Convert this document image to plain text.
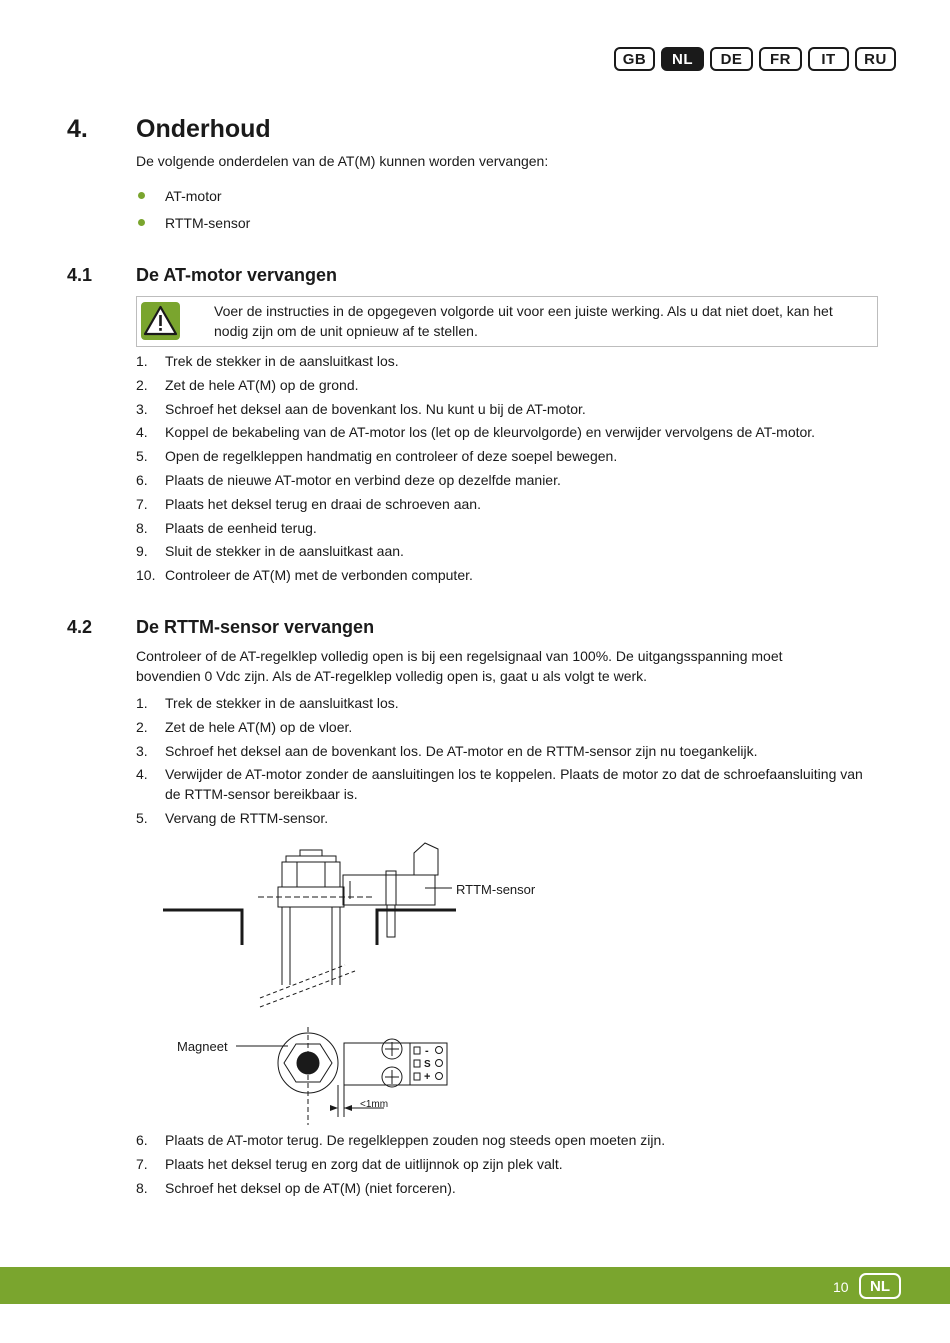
GB	NL	DE	FR	IT	RU
4. Onderhoud
De volgende onderdelen van de AT(M) kunnen worden vervangen:
AT-motor
RTTM-sensor
4.1 De AT-motor vervangen
Voer de instructies in de opgegeven volgorde uit voor een juiste werking. Als u dat niet doet, kan het nodig zijn om de unit opnieuw af te stellen.
1. Trek de stekker in de aansluitkast los.
2. Zet de hele AT(M) op de grond.
3. Schroef het deksel aan de bovenkant los. Nu kunt u bij de AT-motor.
4. Koppel de bekabeling van de AT-motor los (let op de kleurvolgorde) en verwijder vervolgens de AT-motor.
5. Open de regelkleppen handmatig en controleer of deze soepel bewegen.
6. Plaats de nieuwe AT-motor en verbind deze op dezelfde manier.
7. Plaats het deksel terug en draai de schroeven aan.
8. Plaats de eenheid terug.
9. Sluit de stekker in de aansluitkast aan.
10. Controleer de AT(M) met de verbonden computer.
4.2 De RTTM-sensor vervangen
Controleer of de AT-regelklep volledig open is bij een regelsignaal van 100%. De uitgangsspanning moet bovendien 0 Vdc zijn. Als de AT-regelklep volledig open is, gaat u als volgt te werk.
1. Trek de stekker in de aansluitkast los.
2. Zet de hele AT(M) op de vloer.
3. Schroef het deksel aan de bovenkant los. De AT-motor en de RTTM-sensor zijn nu toegankelijk.
4. Verwijder de AT-motor zonder de aansluitingen los te koppelen. Plaats de motor zo dat de schroefaansluiting van de RTTM-sensor bereikbaar is.
5. Vervang de RTTM-sensor.
RTTM-sensor
Magneet
<1mm
-
S
+
6. Plaats de AT-motor terug. De regelkleppen zouden nog steeds open moeten zijn.
7. Plaats het deksel terug en zorg dat de uitlijnnok op zijn plek valt.
8. Schroef het deksel op de AT(M) (niet forceren).
10	NL
